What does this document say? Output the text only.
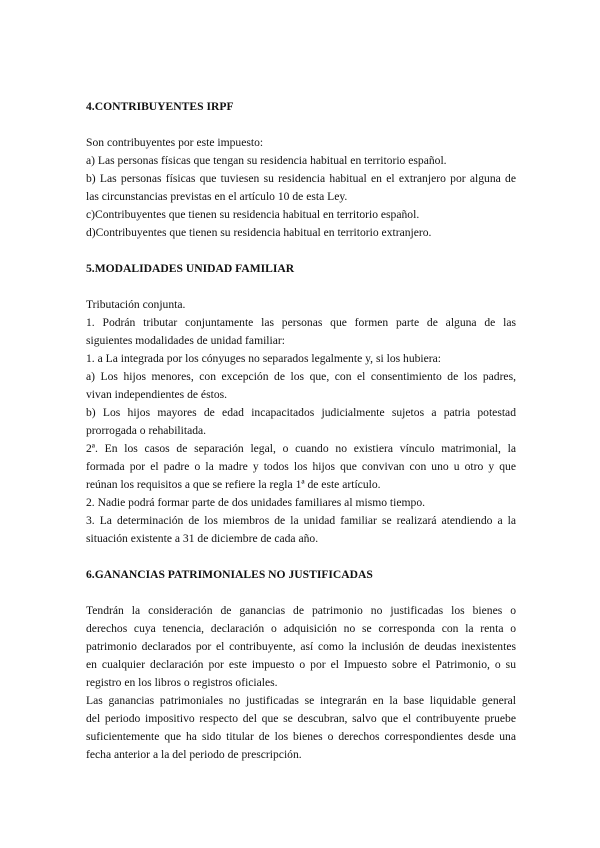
4.CONTRIBUYENTES IRPF

Son contribuyentes por este impuesto:
a) Las personas físicas que tengan su residencia habitual en territorio español.
b) Las personas físicas que tuviesen su residencia habitual en el extranjero por alguna de
las circunstancias previstas en el artículo 10 de esta Ley.
c)Contribuyentes que tienen su residencia habitual en territorio español.
d)Contribuyentes que tienen su residencia habitual en territorio extranjero.

5.MODALIDADES UNIDAD FAMILIAR

Tributación conjunta.
1. Podrán tributar conjuntamente las personas que formen parte de alguna de las
siguientes modalidades de unidad familiar:
1. a La integrada por los cónyuges no separados legalmente y, si los hubiera:
a) Los hijos menores, con excepción de los que, con el consentimiento de los padres,
vivan independientes de éstos.
b) Los hijos mayores de edad incapacitados judicialmente sujetos a patria potestad
prorrogada o rehabilitada.
2ª. En los casos de separación legal, o cuando no existiera vínculo matrimonial, la
formada por el padre o la madre y todos los hijos que convivan con uno u otro y que
reúnan los requisitos a que se refiere la regla 1ª de este artículo.
2. Nadie podrá formar parte de dos unidades familiares al mismo tiempo.
3. La determinación de los miembros de la unidad familiar se realizará atendiendo a la
situación existente a 31 de diciembre de cada año.

6.GANANCIAS PATRIMONIALES NO JUSTIFICADAS

Tendrán la consideración de ganancias de patrimonio no justificadas los bienes o
derechos cuya tenencia, declaración o adquisición no se corresponda con la renta o
patrimonio declarados por el contribuyente, así como la inclusión de deudas inexistentes
en cualquier declaración por este impuesto o por el Impuesto sobre el Patrimonio, o su
registro en los libros o registros oficiales.
Las ganancias patrimoniales no justificadas se integrarán en la base liquidable general
del periodo impositivo respecto del que se descubran, salvo que el contribuyente pruebe
suficientemente que ha sido titular de los bienes o derechos correspondientes desde una
fecha anterior a la del periodo de prescripción.
